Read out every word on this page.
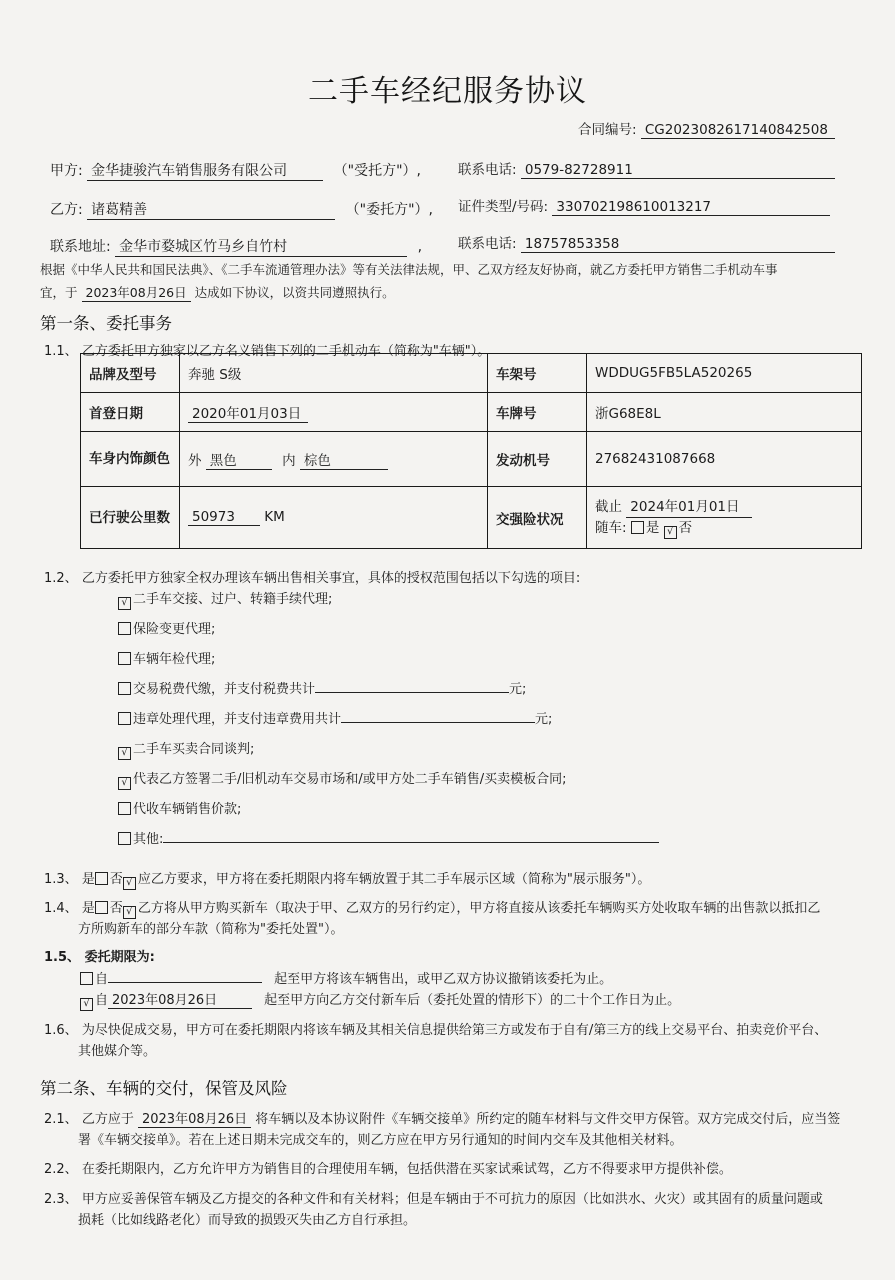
二手车经纪服务协议
合同编号: CG2023082617140842508
甲方: 金华捷骏汽车销售服务有限公司	（"受托方"）,	联系电话: 0579-82728911
乙方: 诸葛精善	（"委托方"）, 证件类型/号码: 330702198610013217
联系地址: 金华市婺城区竹马乡自竹村	,	联系电话: 18757853358
根据《中华人民共和国民法典》、《二手车流通管理办法》等有关法律法规，甲、乙双方经友好协商，就乙方委托甲方销售二手机动车事
宜，于 2023年08月26日 达成如下协议，以资共同遵照执行。
第一条、委托事务
1.1、 乙方委托甲方独家以乙方名义销售下列的二手机动车（简称为"车辆"）。
品牌及型号	奔驰 S级	车架号	WDDUG5FB5LA520265
首登日期	2020年01月03日	车牌号	浙G68E8L
车身内饰颜色	外 黑色 内 棕色	发动机号	27682431087668
已行驶公里数	50973 KM	交强险状况	截止 2024年01月01日
随车: 是 √ 否
1.2、 乙方委托甲方独家全权办理该车辆出售相关事宜，具体的授权范围包括以下勾选的项目:
√ 二手车交接、过户、转籍手续代理;
保险变更代理;
车辆年检代理;
交易税费代缴，并支付税费共计	元;
违章处理代理，并支付违章费用共计	元;
√ 二手车买卖合同谈判;
√ 代表乙方签署二手/旧机动车交易市场和/或甲方处二手车销售/买卖模板合同;
代收车辆销售价款;
其他:
1.3、 是 否 √ 应乙方要求，甲方将在委托期限内将车辆放置于其二手车展示区域（简称为"展示服务"）。
1.4、 是 否 √ 乙方将从甲方购买新车（取决于甲、乙双方的另行约定），甲方将直接从该委托车辆购买方处收取车辆的出售款以抵扣乙
方所购新车的部分车款（简称为"委托处置"）。
1.5、 委托期限为:
自	起至甲方将该车辆售出，或甲乙双方协议撤销该委托为止。
√ 自 2023年08月26日	起至甲方向乙方交付新车后（委托处置的情形下）的二十个工作日为止。
1.6、 为尽快促成交易，甲方可在委托期限内将该车辆及其相关信息提供给第三方或发布于自有/第三方的线上交易平台、拍卖竞价平台、
其他媒介等。
第二条、车辆的交付，保管及风险
2.1、 乙方应于 2023年08月26日 将车辆以及本协议附件《车辆交接单》所约定的随车材料与文件交甲方保管。双方完成交付后，应当签
署《车辆交接单》。若在上述日期未完成交车的，则乙方应在甲方另行通知的时间内交车及其他相关材料。
2.2、 在委托期限内，乙方允许甲方为销售目的合理使用车辆，包括供潜在买家试乘试驾，乙方不得要求甲方提供补偿。
2.3、 甲方应妥善保管车辆及乙方提交的各种文件和有关材料；但是车辆由于不可抗力的原因（比如洪水、火灾）或其固有的质量问题或
损耗（比如线路老化）而导致的损毁灭失由乙方自行承担。
